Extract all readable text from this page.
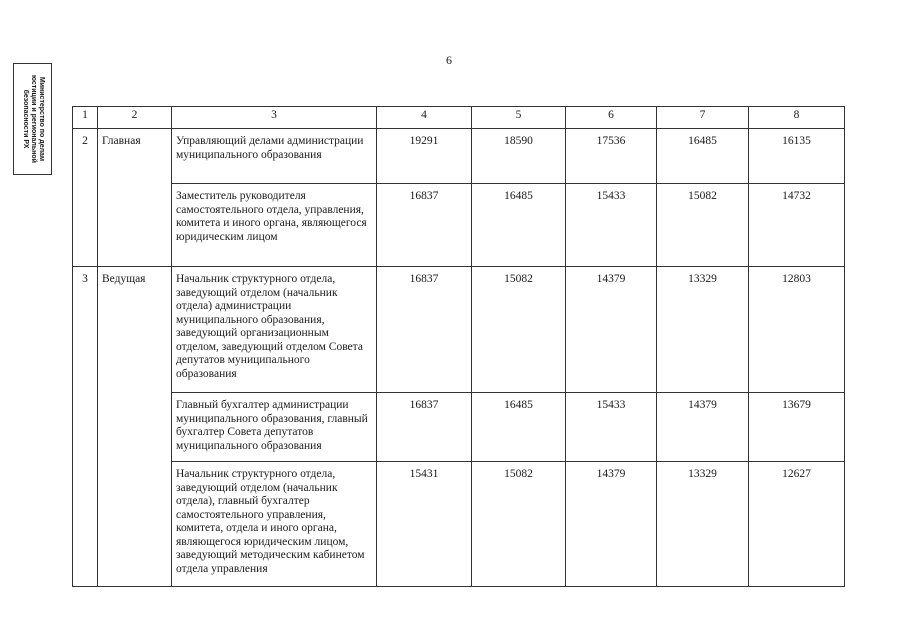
6
Министерство по делам
юстиции и региональной
безопасности РХ	1	2	3	4	5	6	7	8
2	Главная	Управляющий делами администрации муниципального образования	19291	18590	17536	16485	16135
		Заместитель руководителя самостоятельного отдела, управления, комитета и иного органа, являющегося юридическим лицом	16837	16485	15433	15082	14732
3	Ведущая	Начальник структурного отдела, заведующий отделом (начальник отдела) администрации муниципального образования, заведующий организационным отделом, заведующий отделом Совета депутатов муниципального образования	16837	15082	14379	13329	12803
		Главный бухгалтер администрации муниципального образования, главный бухгалтер Совета депутатов муниципального образования	16837	16485	15433	14379	13679
		Начальник структурного отдела, заведующий отделом (начальник отдела), главный бухгалтер самостоятельного управления, комитета, отдела и иного органа, являющегося юридическим лицом, заведующий методическим кабинетом отдела управления	15431	15082	14379	13329	12627
